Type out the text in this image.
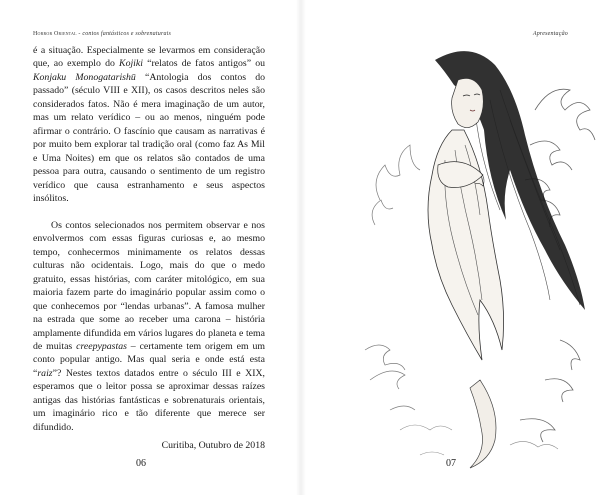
Horror Oriental - contos fantásticos e sobrenaturais

é a situação. Especialmente se levarmos em consideração que, ao exemplo do Kojiki “relatos de fatos antigos” ou Konjaku Monogatarishū “Antologia dos contos do passado” (século VIII e XII), os casos descritos neles são considerados fatos. Não é mera imaginação de um autor, mas um relato verídico – ou ao menos, ninguém pode afirmar o contrário. O fascínio que causam as narrativas é por muito bem explorar tal tradição oral (como faz As Mil e Uma Noites) em que os relatos são contados de uma pessoa para outra, causando o sentimento de um registro verídico que causa estranhamento e seus aspectos insólitos.

Os contos selecionados nos permitem observar e nos envolvermos com essas figuras curiosas e, ao mesmo tempo, conhecermos minimamente os relatos dessas culturas não ocidentais. Logo, mais do que o medo gratuito, essas histórias, com caráter mitológico, em sua maioria fazem parte do imaginário popular assim como o que conhecemos por “lendas urbanas”. A famosa mulher na estrada que some ao receber uma carona – história amplamente difundida em vários lugares do planeta e tema de muitas creepypastas – certamente tem origem em um conto popular antigo. Mas qual seria e onde está esta “raiz”? Nestes textos datados entre o século III e XIX, esperamos que o leitor possa se aproximar dessas raízes antigas das histórias fantásticas e sobrenaturais orientais, um imaginário rico e tão diferente que merece ser difundido.

Curitiba, Outubro de 2018
06
Apresentação
07
